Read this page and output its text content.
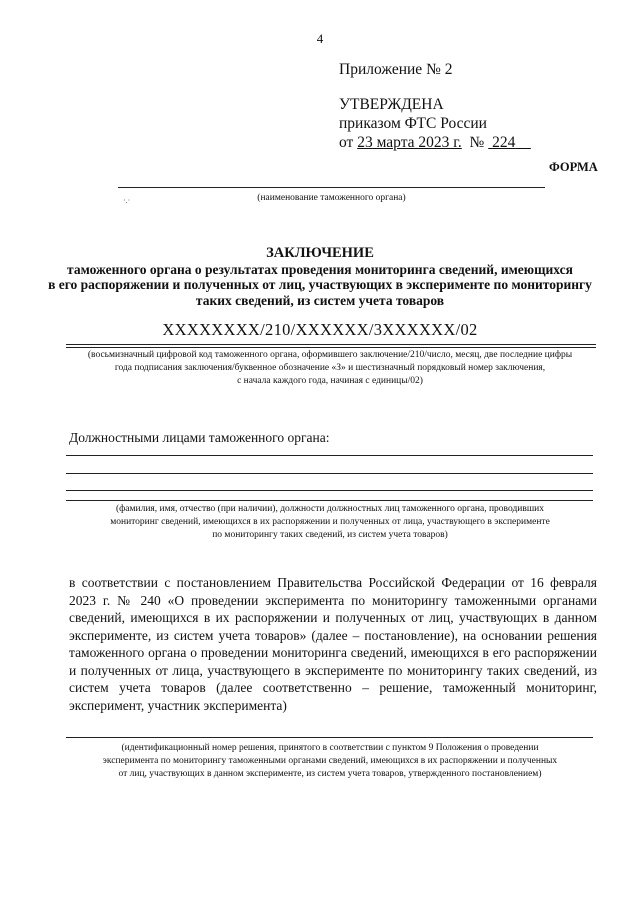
4
Приложение № 2
УТВЕРЖДЕНА
приказом ФТС России
от 23 марта 2023 г. № 224
ФОРМА
·.·	(наименование таможенного органа)
ЗАКЛЮЧЕНИЕ
таможенного органа о результатах проведения мониторинга сведений, имеющихся
в его распоряжении и полученных от лиц, участвующих в эксперименте по мониторингу
таких сведений, из систем учета товаров
XXXXXXXX/210/XXXXXX/3XXXXXX/02
(восьмизначный цифровой код таможенного органа, оформившего заключение/210/число, месяц, две последние цифры
года подписания заключения/буквенное обозначение «З» и шестизначный порядковый номер заключения,
с начала каждого года, начиная с единицы/02)
Должностными лицами таможенного органа:
(фамилия, имя, отчество (при наличии), должности должностных лиц таможенного органа, проводивших
мониторинг сведений, имеющихся в их распоряжении и полученных от лица, участвующего в эксперименте
по мониторингу таких сведений, из систем учета товаров)
в соответствии с постановлением Правительства Российской Федерации от 16 февраля 2023 г. № 240 «О проведении эксперимента по мониторингу таможенными органами сведений, имеющихся в их распоряжении и полученных от лиц, участвующих в данном эксперименте, из систем учета товаров» (далее – постановление), на основании решения таможенного органа о проведении мониторинга сведений, имеющихся в его распоряжении и полученных от лица, участвующего в эксперименте по мониторингу таких сведений, из систем учета товаров (далее соответственно – решение, таможенный мониторинг, эксперимент, участник эксперимента)
(идентификационный номер решения, принятого в соответствии с пунктом 9 Положения о проведении
эксперимента по мониторингу таможенными органами сведений, имеющихся в их распоряжении и полученных
от лиц, участвующих в данном эксперименте, из систем учета товаров, утвержденного постановлением)
